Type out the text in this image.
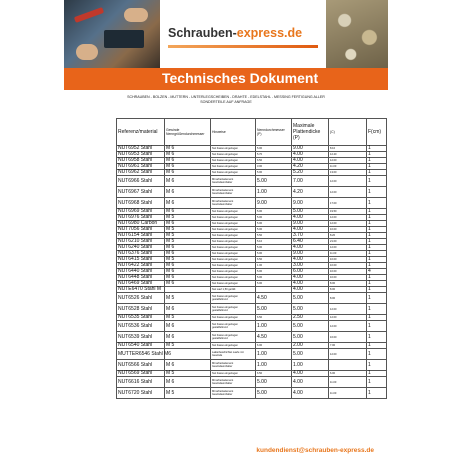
Schrauben-express.de
Technisches Dokument
SCHRAUBEN - BOLZEN - MUTTERN - UNTERLEGSCHEIBEN - DRAHTE - EDELSTAHL - MESSING FERTIGUNG ALLER
SONDERTEILE AUF ANFRAGE
Referenz/material	Gewinde Nenngrößendurchmesser	Hinweise	Nenndurchmesser (P)	Maximale Plattendicke (P)	(C)	F(cm)
NUT6952 Stahl	M 6	Nut Fasso eingezogen	5.00	9.00	8.10	1
NUT6953 Stahl	M 6	Nut Fasso eingezogen	5.70	4.00	12.20	1
NUT6958 Stahl	M 6	Nut Fasso eingezogen	6.50	4.00	12.00	1
NUT6961 Stahl	M 6	Nut Fasso eingezogen	3.00	4.20	11.00	1
NUT6962 Stahl	M 6	Nut Fasso eingezogen	5.00	5.20	13.00	1
NUT6966 Stahl	M 6	Mit arbeitselement Gewindeeinhaber	5.00	7.00	12.00	1
NUT6967 Stahl	M 6	Mit arbeitselement Gewindeeinhaber	1.00	4.20	12.00	1
NUT6968 Stahl	M 6	Mit arbeitselement Gewindeeinhaber	9.00	9.00	17.00	1
NUT6969 Stahl	M 6	Nut Fasso eingezogen	5.00	5.00	19.50	1
NUT6976 Stahl	M 5	Nut Fasso eingezogen	5.00	4.00	12.00	1
NUT6980 Carbon	M 6	Nut Fasso eingezogen	5.00	9.00	12.00	1
NUT7056 Stahl	M 5	Nut Fasso eingezogen	5.00	4.00	10.00	1
NUT6154 Stahl	M 5	Nut Fasso eingezogen	5.50	3.70	8.20	1
NUT6210 Stahl	M 5	Nut Fasso eingezogen	5.10	6.40	21.00	1
NUT6240 Stahl	M 6	Nut Fasso eingezogen	5.00	4.00	12.00	1
NUT6376 Stahl	M 6	Nut Fasso eingezogen	5.00	9.00	11.00	1
NUT6415 Stahl	M 5	Nut Fasso eingezogen	6.50	4.00	10.00	1
NUT6422 Stahl	M 6	Nut Fasso eingezogen	1.00	3.00	10.00	1
NUT6440 Stahl	M 6	Nut Fasso eingezogen	5.00	6.00	10.00	4
NUT6448 Stahl	M 6	Nut Fasso eingezogen	5.00	4.00	10.00	1
NUT6469 Stahl	M 6	Nut Fasso eingezogen	5.00	4.00	8.00	1
NUTE6470 Stahl M		Nut Lauf 1,50 geröllt		4.00	8.00	1
NUT6526 Stahl	M 5	Nut Fasso eingezogen gestaffeltrund	4.50	5.00	8.00	1
NUT6528 Stahl	M 6	Nut Fasso eingezogen gestaffeltrund	5.00	5.00	12.00	1
NUT6535 Stahl	M 5	Nut Fasso eingezogen	6.50	2.50	12.00	1
NUT6536 Stahl	M 6	Nut Fasso eingezogen gestaffeltrund	1.00	5.00	12.00	1
NUT6539 Stahl	M 6	Nut Fasso eingezogen gestaffeltrund	4.50	5.00	16.00	1
NUT6540 Stahl	M 5	Nut Fasso eingezogen	6.00	2.00	7.00	1
MUTTER6546 Stahl M6		Lakierbeschichtet Laufe mit Gewinde	1.00	5.00	12.00	1
NUT6566 Stahl	M 6	Mit arbeitselement Gewindeeinhaber	1.00	1.00		1
NUT6569 Stahl	M 5	Nut Fasso eingezogen	6.50	4.00	6.00	1
NUT6616 Stahl	M 6	Mit arbeitselement Gewindeeinhaber	5.00	4.00	11.00	1
NUT6720 Stahl	M 5	Mit arbeitselement Gewindeeinhaber	5.00	4.00	11.00	1
kundendienst@schrauben-express.de
